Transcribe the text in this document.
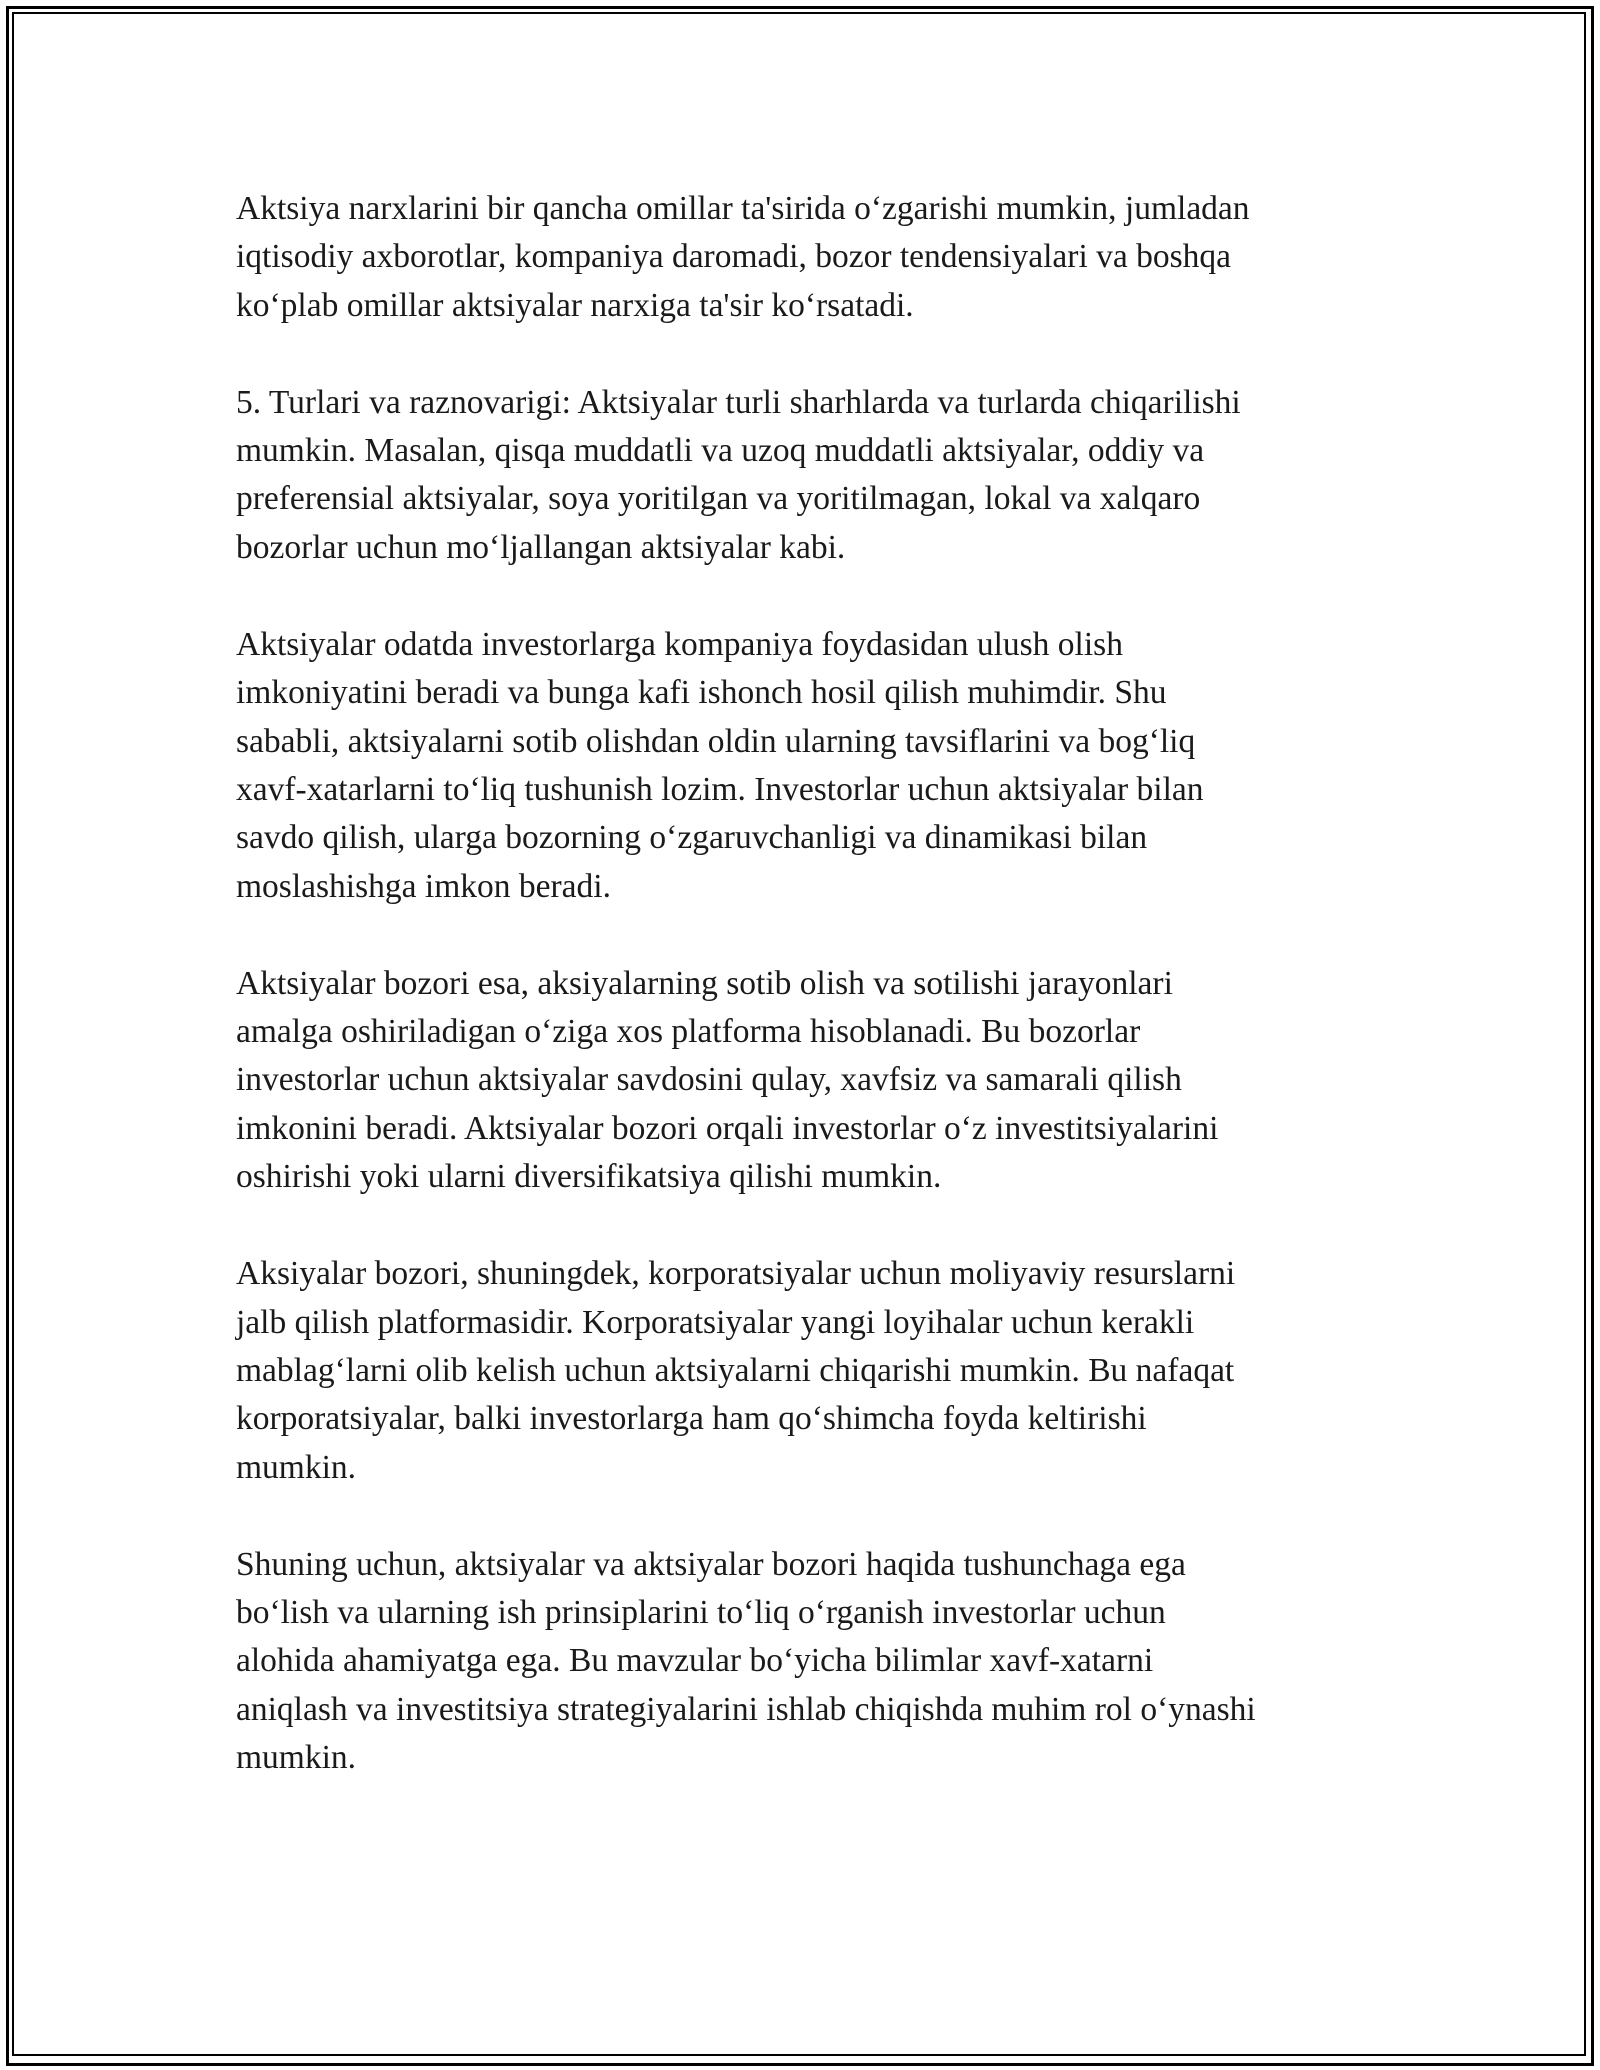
Aktsiya narxlarini bir qancha omillar ta'sirida o‘zgarishi mumkin, jumladan
iqtisodiy axborotlar, kompaniya daromadi, bozor tendensiyalari va boshqa
ko‘plab omillar aktsiyalar narxiga ta'sir ko‘rsatadi.

5. Turlari va raznovarigi: Aktsiyalar turli sharhlarda va turlarda chiqarilishi
mumkin. Masalan, qisqa muddatli va uzoq muddatli aktsiyalar, oddiy va
preferensial aktsiyalar, soya yoritilgan va yoritilmagan, lokal va xalqaro
bozorlar uchun mo‘ljallangan aktsiyalar kabi.

Aktsiyalar odatda investorlarga kompaniya foydasidan ulush olish
imkoniyatini beradi va bunga kafi ishonch hosil qilish muhimdir. Shu
sababli, aktsiyalarni sotib olishdan oldin ularning tavsiflarini va bog‘liq
xavf-xatarlarni to‘liq tushunish lozim. Investorlar uchun aktsiyalar bilan
savdo qilish, ularga bozorning o‘zgaruvchanligi va dinamikasi bilan
moslashishga imkon beradi.

Aktsiyalar bozori esa, aksiyalarning sotib olish va sotilishi jarayonlari
amalga oshiriladigan o‘ziga xos platforma hisoblanadi. Bu bozorlar
investorlar uchun aktsiyalar savdosini qulay, xavfsiz va samarali qilish
imkonini beradi. Aktsiyalar bozori orqali investorlar o‘z investitsiyalarini
oshirishi yoki ularni diversifikatsiya qilishi mumkin.

Aksiyalar bozori, shuningdek, korporatsiyalar uchun moliyaviy resurslarni
jalb qilish platformasidir. Korporatsiyalar yangi loyihalar uchun kerakli
mablag‘larni olib kelish uchun aktsiyalarni chiqarishi mumkin. Bu nafaqat
korporatsiyalar, balki investorlarga ham qo‘shimcha foyda keltirishi
mumkin.

Shuning uchun, aktsiyalar va aktsiyalar bozori haqida tushunchaga ega
bo‘lish va ularning ish prinsiplarini to‘liq o‘rganish investorlar uchun
alohida ahamiyatga ega. Bu mavzular bo‘yicha bilimlar xavf-xatarni
aniqlash va investitsiya strategiyalarini ishlab chiqishda muhim rol o‘ynashi
mumkin.
